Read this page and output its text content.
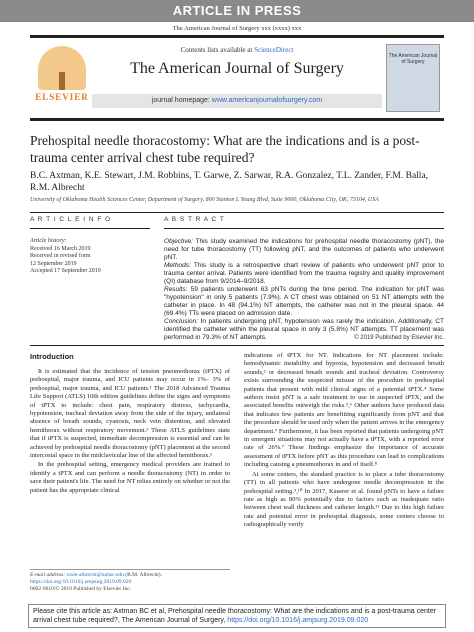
ARTICLE IN PRESS
The American Journal of Surgery xxx (xxxx) xxx
ELSEVIER
Contents lists available at ScienceDirect
The American Journal of Surgery
journal homepage: www.americanjournalofsurgery.com
The American Journal of Surgery
Prehospital needle thoracostomy: What are the indications and is a post-trauma center arrival chest tube required?
B.C. Axtman, K.E. Stewart, J.M. Robbins, T. Garwe, Z. Sarwar, R.A. Gonzalez, T.L. Zander, F.M. Balla, R.M. Albrecht
University of Oklahoma Health Sciences Center, Department of Surgery, 800 Stanton L Young Blvd, Suite 9000, Oklahoma City, OK, 73104, USA
A R T I C L E I N F O	A B S T R A C T
Article history:
Received 16 March 2019
Received in revised form
12 September 2019
Accepted 17 September 2019

Objective: This study examined the indications for prehospital needle thoracostomy (pNT), the need for tube thoracostomy (TT) following pNT, and the outcomes of patients who underwent pNT.

Methods: This study is a retrospective chart review of patients who underwent pNT prior to trauma center arrival. Patients were identified from the trauma registry and quality improvement (QI) database from 9/2014–9/2018.

Results: 59 patients underwent 63 pNTs during the time period. The indication for pNT was "hypotension" in only 5 patients (7.9%). A CT chest was obtained on 51 NT attempts with the catheter in place. In 48 (94.1%) NT attempts, the catheter was not in the pleural space. 44 (69.4%) TTs were placed on admission date.

Conclusion: In patients undergoing pNT, hypotension was rarely the indication. Additionally, CT identified the catheter within the pleural space in only 3 (5.8%) NT attempts. TT placement was performed in 79.3% of NT attempts.	© 2019 Published by Elsevier Inc.
Introduction

It is estimated that the incidence of tension pneumothorax (tPTX) of prehospital, major trauma, and ICU patients may occur in 1%– 3% of prehospital, major trauma, and ICU patients.¹ The 2018 Advanced Trauma Life Support (ATLS) 10th edition guidelines define the signs and symptoms of tPTX to include: chest pain, respiratory distress, tachycardia, hypotension, tracheal deviation away from the side of the injury, unilateral absence of breath sounds, cyanosis, neck vein distention, and elevated hemithorax without respiratory movement.² These ATLS guidelines state that if tPTX is suspected, immediate decompression is essential and can be achieved by prehospital needle thoracostomy (pNT) placement at the second intercostal space in the midclavicular line of the affected hemithorax.²

In the prehospital setting, emergency medical providers are trained to identify a tPTX and can perform a needle thoracostomy (NT) in order to save their patient's life. The need for NT relies entirely on whether or not the patient has the appropriate clinical

indications of tPTX for NT. Indications for NT placement include: hemodynamic instability and hypoxia, hypotension and decreased breath sounds,³ or decreased breath sounds and tracheal deviation. Controversy exists surrounding the suspected misuse of the procedure in prehospital patients that present with mild clinical signs of a potential tPTX.⁴ Some authors insist pNT is a safe treatment to use in suspected tPTX, and the associated benefits outweigh the risks.⁵,⁶ Other authors have produced data that indicates few patients are benefitting significantly from pNT and that the procedure should be used only when the patient arrives in the emergency department.⁷ Furthermore, it has been reported that patients undergoing pNT in emergent situations may not actually have a tPTX, with a reported error rate of 26%.⁷ These findings emphasize the importance of accurate assessment of tPTX before pNT as this procedure can lead to complications including causing a pneumothorax in and of itself.⁸

At some centers, the standard practice is to place a tube thoracostomy (TT) in all patients who have undergone needle decompression in the prehospital setting.⁹,¹⁰ In 2017, Kaserer et al. found pNTs to have a failure rate as high as 80% potentially due to factors such as inadequate ratio between chest wall thickness and catheter length.¹¹ Due to this high failure rate and potential error in prehospital diagnosis, some centers choose to radiographically verify

E-mail address: rosie-albrecht@ouhsc.edu (R.M. Albrecht).
https://doi.org/10.1016/j.amjsurg.2019.09.020
0002-9610/© 2019 Published by Elsevier Inc.
Please cite this article as: Axtman BC et al, Prehospital needle thoracostomy: What are the indications and is a post-trauma center arrival chest tube required?, The American Journal of Surgery, https://doi.org/10.1016/j.amjsurg.2019.09.020
